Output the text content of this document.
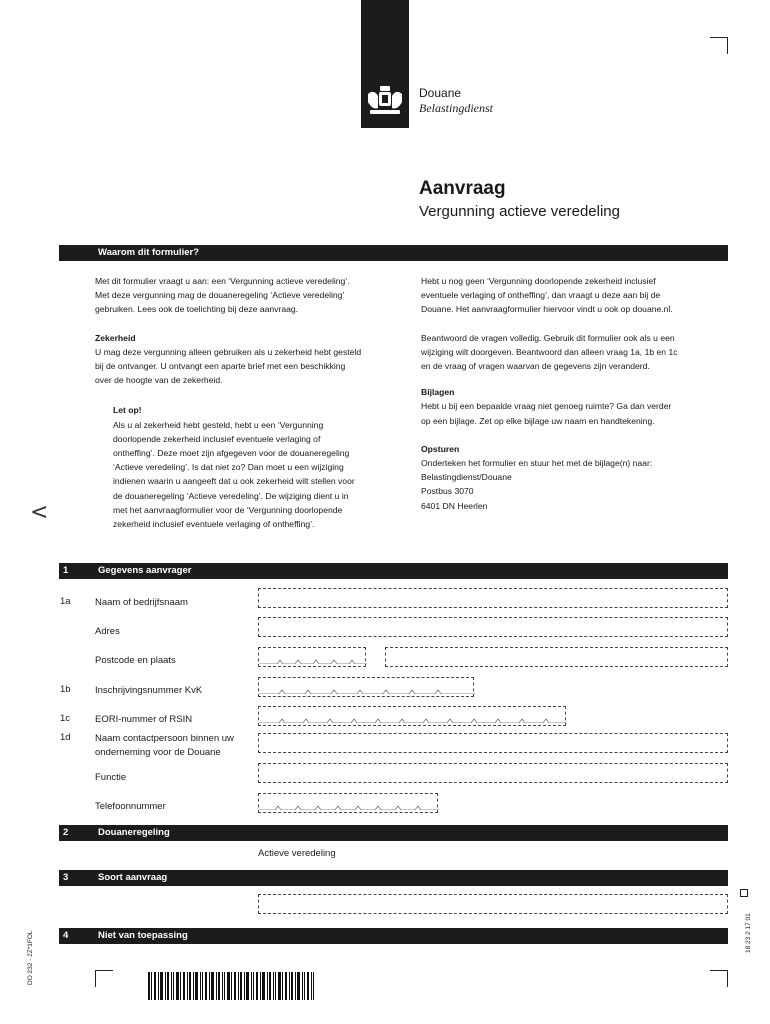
Douane
Belastingdienst
<
Aanvraag
Vergunning actieve veredeling
Waarom dit formulier?
Met dit formulier vraagt u aan: een ‘Vergunning actieve veredeling’.
Met deze vergunning mag de douaneregeling ‘Actieve veredeling’
gebruiken. Lees ook de toelichting bij deze aanvraag.
Zekerheid
U mag deze vergunning alleen gebruiken als u zekerheid hebt gesteld
bij de ontvanger. U ontvangt een aparte brief met een beschikking
over de hoogte van de zekerheid.
Let op!
Als u al zekerheid hebt gesteld, hebt u een ‘Vergunning
doorlopende zekerheid inclusief eventuele verlaging of
ontheffing’. Deze moet zijn afgegeven voor de douaneregeling
‘Actieve veredeling’. Is dat niet zo? Dan moet u een wijziging
indienen waarin u aangeeft dat u ook zekerheid wilt stellen voor
de douaneregeling ‘Actieve veredeling’. De wijziging dient u in
met het aanvraagformulier voor de ‘Vergunning doorlopende
zekerheid inclusief eventuele verlaging of ontheffing’.
Hebt u nog geen ‘Vergunning doorlopende zekerheid inclusief
eventuele verlaging of ontheffing’, dan vraagt u deze aan bij de
Douane. Het aanvraagformulier hiervoor vindt u ook op douane.nl.
Beantwoord de vragen volledig. Gebruik dit formulier ook als u een
wijziging wilt doorgeven. Beantwoord dan alleen vraag 1a, 1b en 1c
en de vraag of vragen waarvan de gegevens zijn veranderd.
Bijlagen
Hebt u bij een bepaalde vraag niet genoeg ruimte? Ga dan verder
op een bijlage. Zet op elke bijlage uw naam en handtekening.
Opsturen
Onderteken het formulier en stuur het met de bijlage(n) naar:
Belastingdienst/Douane
Postbus 3070
6401 DN Heerlen
1	Gegevens aanvrager
1a	Naam of bedrijfsnaam
Adres
Postcode en plaats
1b	Inschrijvingsnummer KvK
1c	EORI-nummer of RSIN
1d	Naam contactpersoon binnen uw
onderneming voor de Douane
Functie
Telefoonnummer
2	Douaneregeling
Actieve veredeling
3	Soort aanvraag
4	Niet van toepassing	18 23 2 17 01
DO 232 - 2Z*1FOL
